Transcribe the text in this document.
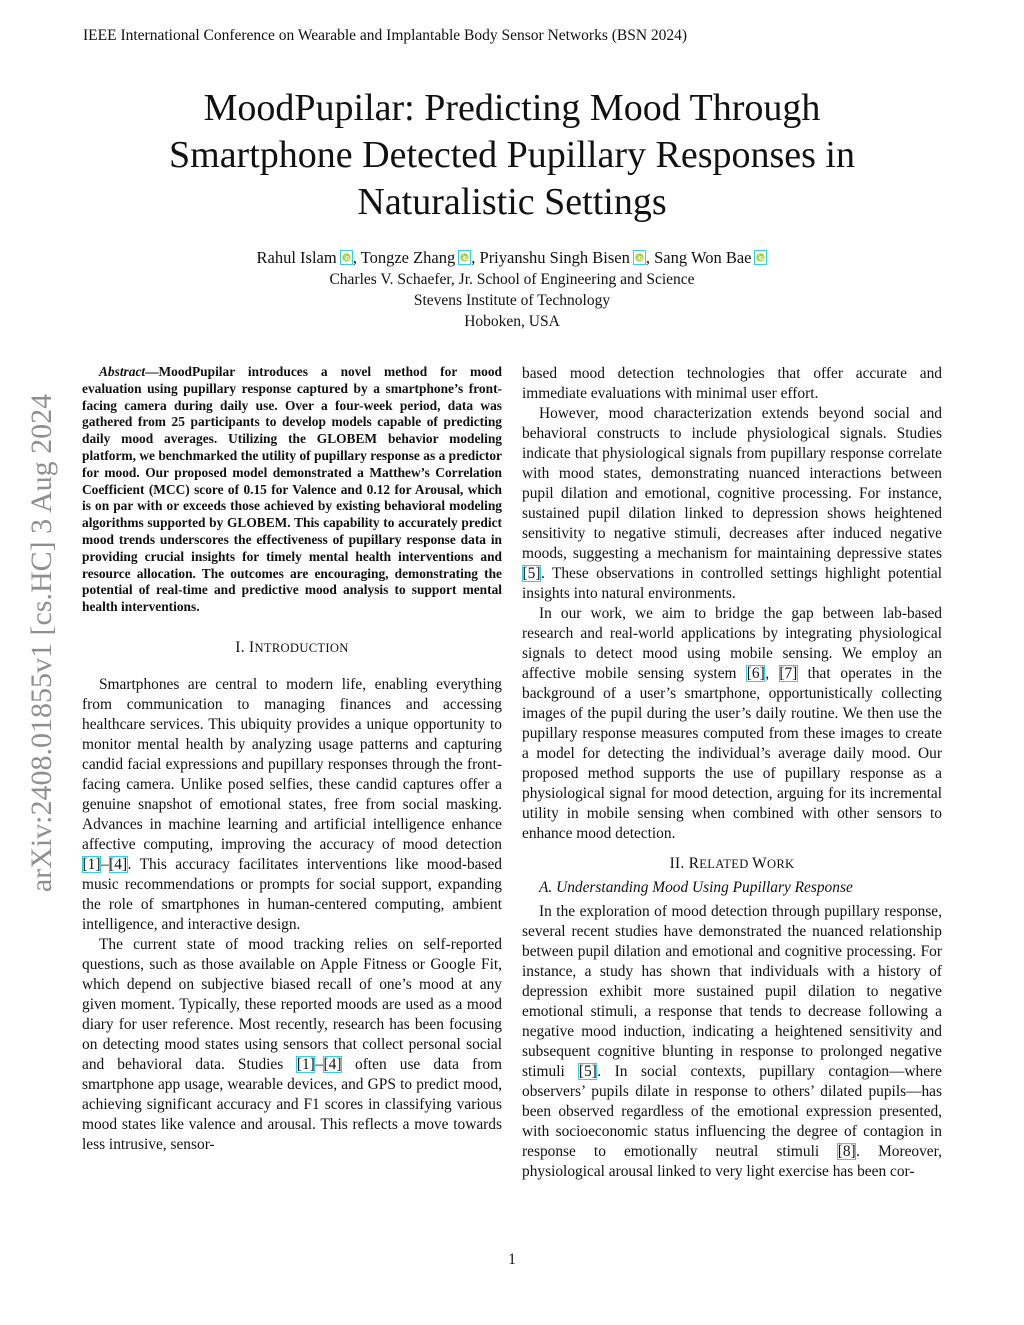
IEEE International Conference on Wearable and Implantable Body Sensor Networks (BSN 2024)
arXiv:2408.01855v1 [cs.HC] 3 Aug 2024
MoodPupilar: Predicting Mood Through
Smartphone Detected Pupillary Responses in
Naturalistic Settings
Rahul Islam , Tongze Zhang , Priyanshu Singh Bisen , Sang Won Bae
Charles V. Schaefer, Jr. School of Engineering and Science
Stevens Institute of Technology
Hoboken, USA

Abstract—MoodPupilar introduces a novel method for mood evaluation using pupillary response captured by a smartphone’s front-facing camera during daily use. Over a four-week period, data was gathered from 25 participants to develop models capable of predicting daily mood averages. Utilizing the GLOBEM behavior modeling platform, we benchmarked the utility of pupillary response as a predictor for mood. Our proposed model demonstrated a Matthew’s Correlation Coefficient (MCC) score of 0.15 for Valence and 0.12 for Arousal, which is on par with or exceeds those achieved by existing behavioral modeling algorithms supported by GLOBEM. This capability to accurately predict mood trends underscores the effectiveness of pupillary response data in providing crucial insights for timely mental health interventions and resource allocation. The outcomes are encouraging, demonstrating the potential of real-time and predictive mood analysis to support mental health interventions.

I. INTRODUCTION

Smartphones are central to modern life, enabling everything from communication to managing finances and accessing healthcare services. This ubiquity provides a unique opportunity to monitor mental health by analyzing usage patterns and capturing candid facial expressions and pupillary responses through the front-facing camera. Unlike posed selfies, these candid captures offer a genuine snapshot of emotional states, free from social masking. Advances in machine learning and artificial intelligence enhance affective computing, improving the accuracy of mood detection [1]–[4]. This accuracy facilitates interventions like mood-based music recommendations or prompts for social support, expanding the role of smartphones in human-centered computing, ambient intelligence, and interactive design.

The current state of mood tracking relies on self-reported questions, such as those available on Apple Fitness or Google Fit, which depend on subjective biased recall of one’s mood at any given moment. Typically, these reported moods are used as a mood diary for user reference. Most recently, research has been focusing on detecting mood states using sensors that collect personal social and behavioral data. Studies [1]–[4] often use data from smartphone app usage, wearable devices, and GPS to predict mood, achieving significant accuracy and F1 scores in classifying various mood states like valence and arousal. This reflects a move towards less intrusive, sensor-

based mood detection technologies that offer accurate and immediate evaluations with minimal user effort.

However, mood characterization extends beyond social and behavioral constructs to include physiological signals. Studies indicate that physiological signals from pupillary response correlate with mood states, demonstrating nuanced interactions between pupil dilation and emotional, cognitive processing. For instance, sustained pupil dilation linked to depression shows heightened sensitivity to negative stimuli, decreases after induced negative moods, suggesting a mechanism for maintaining depressive states [5]. These observations in controlled settings highlight potential insights into natural environments.

In our work, we aim to bridge the gap between lab-based research and real-world applications by integrating physiological signals to detect mood using mobile sensing. We employ an affective mobile sensing system [6], [7] that operates in the background of a user’s smartphone, opportunistically collecting images of the pupil during the user’s daily routine. We then use the pupillary response measures computed from these images to create a model for detecting the individual’s average daily mood. Our proposed method supports the use of pupillary response as a physiological signal for mood detection, arguing for its incremental utility in mobile sensing when combined with other sensors to enhance mood detection.

II. RELATED WORK

A. Understanding Mood Using Pupillary Response

In the exploration of mood detection through pupillary response, several recent studies have demonstrated the nuanced relationship between pupil dilation and emotional and cognitive processing. For instance, a study has shown that individuals with a history of depression exhibit more sustained pupil dilation to negative emotional stimuli, a response that tends to decrease following a negative mood induction, indicating a heightened sensitivity and subsequent cognitive blunting in response to prolonged negative stimuli [5]. In social contexts, pupillary contagion—where observers’ pupils dilate in response to others’ dilated pupils—has been observed regardless of the emotional expression presented, with socioeconomic status influencing the degree of contagion in response to emotionally neutral stimuli [8]. Moreover, physiological arousal linked to very light exercise has been cor-

1
